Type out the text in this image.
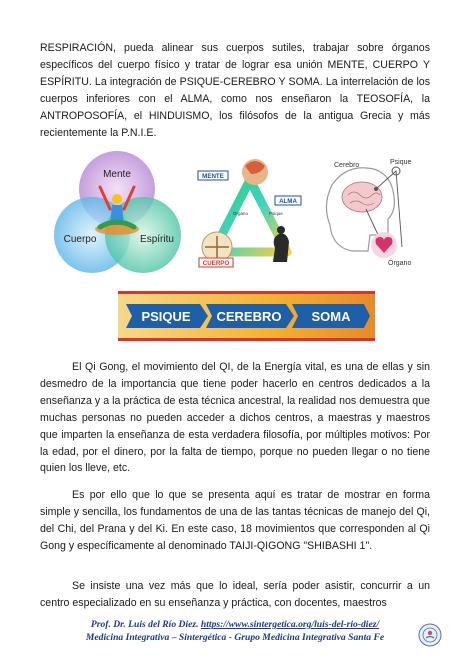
RESPIRACIÓN, pueda alinear sus cuerpos sutiles, trabajar sobre órganos específicos del cuerpo físico y tratar de lograr esa unión MENTE, CUERPO Y ESPÍRITU. La integración de PSIQUE-CEREBRO Y SOMA. La interrelación de los cuerpos inferiores con el ALMA, como nos enseñaron la TEOSOFÍA, la ANTROPOSOFÍA, el HINDUISMO, los filósofos de la antigua Grecia y más recientemente la P.N.I.E.

Mente
Cuerpo	Espíritu
MENTE
ALMA
CUERPO
Órgano	Psique
Cerebro	Psique
Órgano
PSIQUE CEREBRO SOMA

El Qi Gong, el movimiento del QI, de la Energía vital, es una de ellas y sin desmedro de la importancia que tiene poder hacerlo en centros dedicados a la enseñanza y a la práctica de esta técnica ancestral, la realidad nos demuestra que muchas personas no pueden acceder a dichos centros, a maestras y maestros que imparten la enseñanza de esta verdadera filosofía, por múltiples motivos: Por la edad, por el dinero, por la falta de tiempo, porque no pueden llegar o no tiene quien los lleve, etc.

Es por ello que lo que se presenta aquí es tratar de mostrar en forma simple y sencilla, los fundamentos de una de las tantas técnicas de manejo del Qi, del Chi, del Prana y del Ki. En este caso, 18 movimientos que corresponden al Qi Gong y específicamente al denominado TAIJI-QIGONG "SHIBASHI 1".

Se insiste una vez más que lo ideal, sería poder asistir, concurrir a un centro especializado en su enseñanza y práctica, con docentes, maestros

Prof. Dr. Luis del Río Diez. https://www.sintergetica.org/luis-del-rio-diez/
Medicina Integrativa – Sintergética - Grupo Medicina Integrativa Santa Fe
